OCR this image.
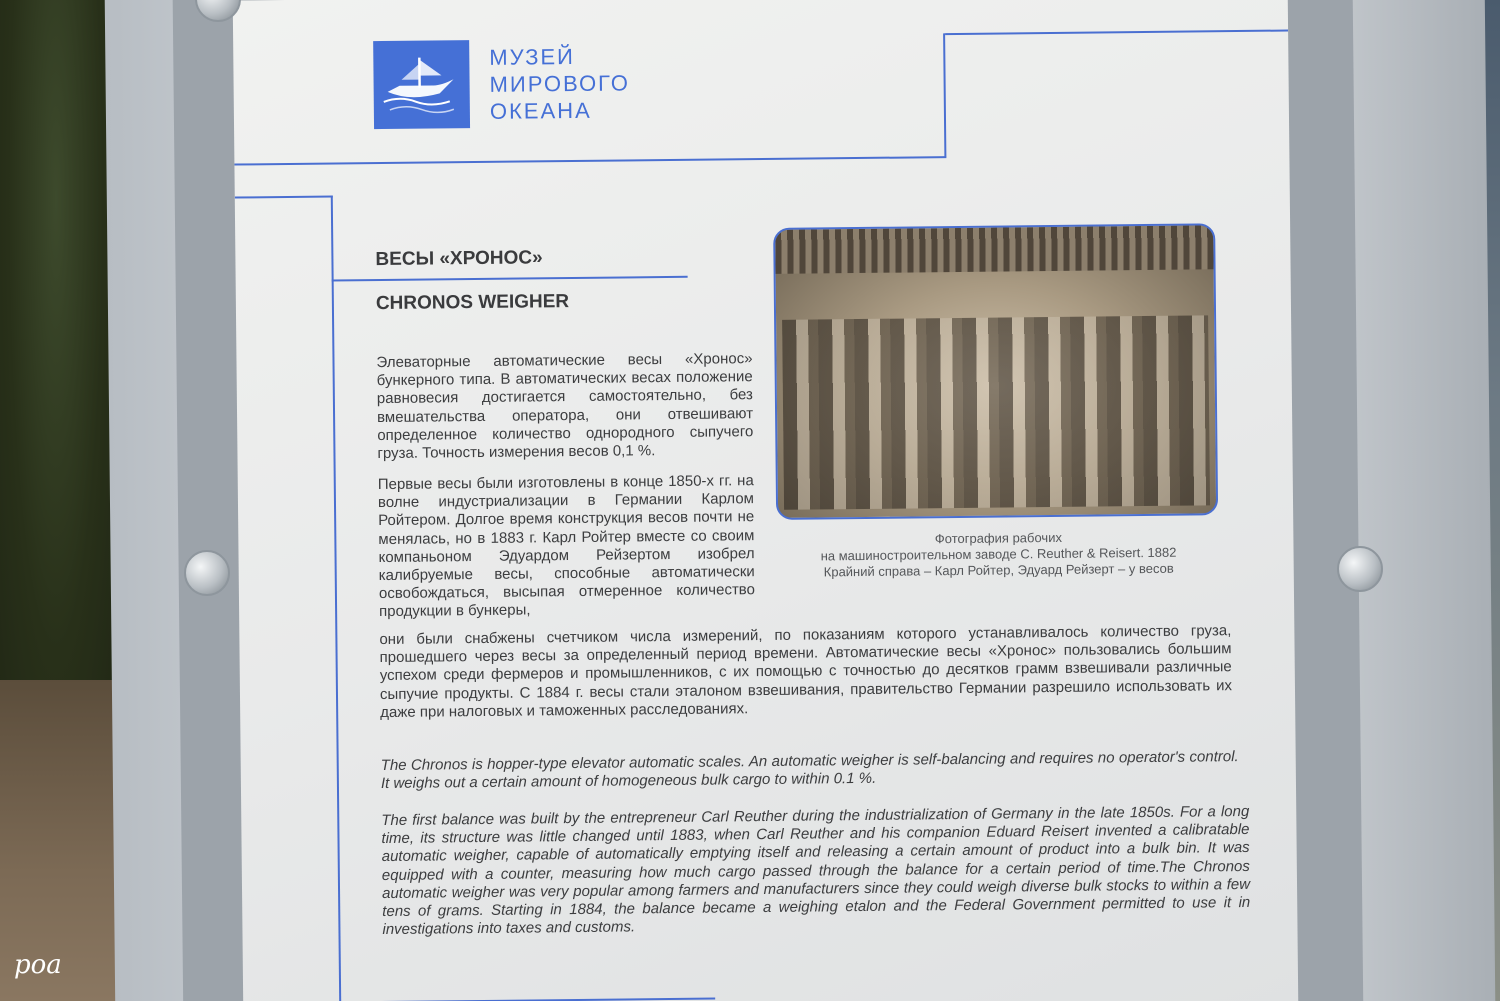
МУЗЕЙ
МИРОВОГО
ОКЕАНА
ВЕСЫ «ХРОНОС»
CHRONOS WEIGHER

Элеваторные автоматические весы «Хронос» бункерного типа. В автоматических весах положение равновесия достигается самостоятельно, без вмешательства оператора, они отвешивают определенное количество однородного сыпучего груза. Точность измерения весов 0,1 %.

Первые весы были изготовлены в конце 1850-х гг. на волне индустриализации в Германии Карлом Ройтером. Долгое время конструкция весов почти не менялась, но в 1883 г. Карл Ройтер вместе со своим компаньоном Эдуардом Рейзертом изобрел калибруемые весы, способные автоматически освобождаться, высыпая отмеренное количество продукции в бункеры,

они были снабжены счетчиком числа измерений, по показаниям которого устанавливалось количество груза, прошедшего через весы за определенный период времени. Автоматические весы «Хронос» пользовались большим успехом среди фермеров и промышленников, с их помощью с точностью до десятков грамм взвешивали различные сыпучие продукты. С 1884 г. весы стали эталоном взвешивания, правительство Германии разрешило использовать их даже при налоговых и таможенных расследованиях.

Фотография рабочих
на машиностроительном заводе C. Reuther & Reisert. 1882
Крайний справа – Карл Ройтер, Эдуард Рейзерт – у весов

The Chronos is hopper-type elevator automatic scales. An automatic weigher is self-balancing and requires no operator's control. It weighs out a certain amount of homogeneous bulk cargo to within 0.1 %.

The first balance was built by the entrepreneur Carl Reuther during the industrialization of Germany in the late 1850s. For a long time, its structure was little changed until 1883, when Carl Reuther and his companion Eduard Reisert invented a calibratable automatic weigher, capable of automatically emptying itself and releasing a certain amount of product into a bulk bin. It was equipped with a counter, measuring how much cargo passed through the balance for a certain period of time.The Chronos automatic weigher was very popular among farmers and manufacturers since they could weigh diverse bulk stocks to within a few tens of grams. Starting in 1884, the balance became a weighing etalon and the Federal Government permitted to use it in investigations into taxes and customs.

роа
